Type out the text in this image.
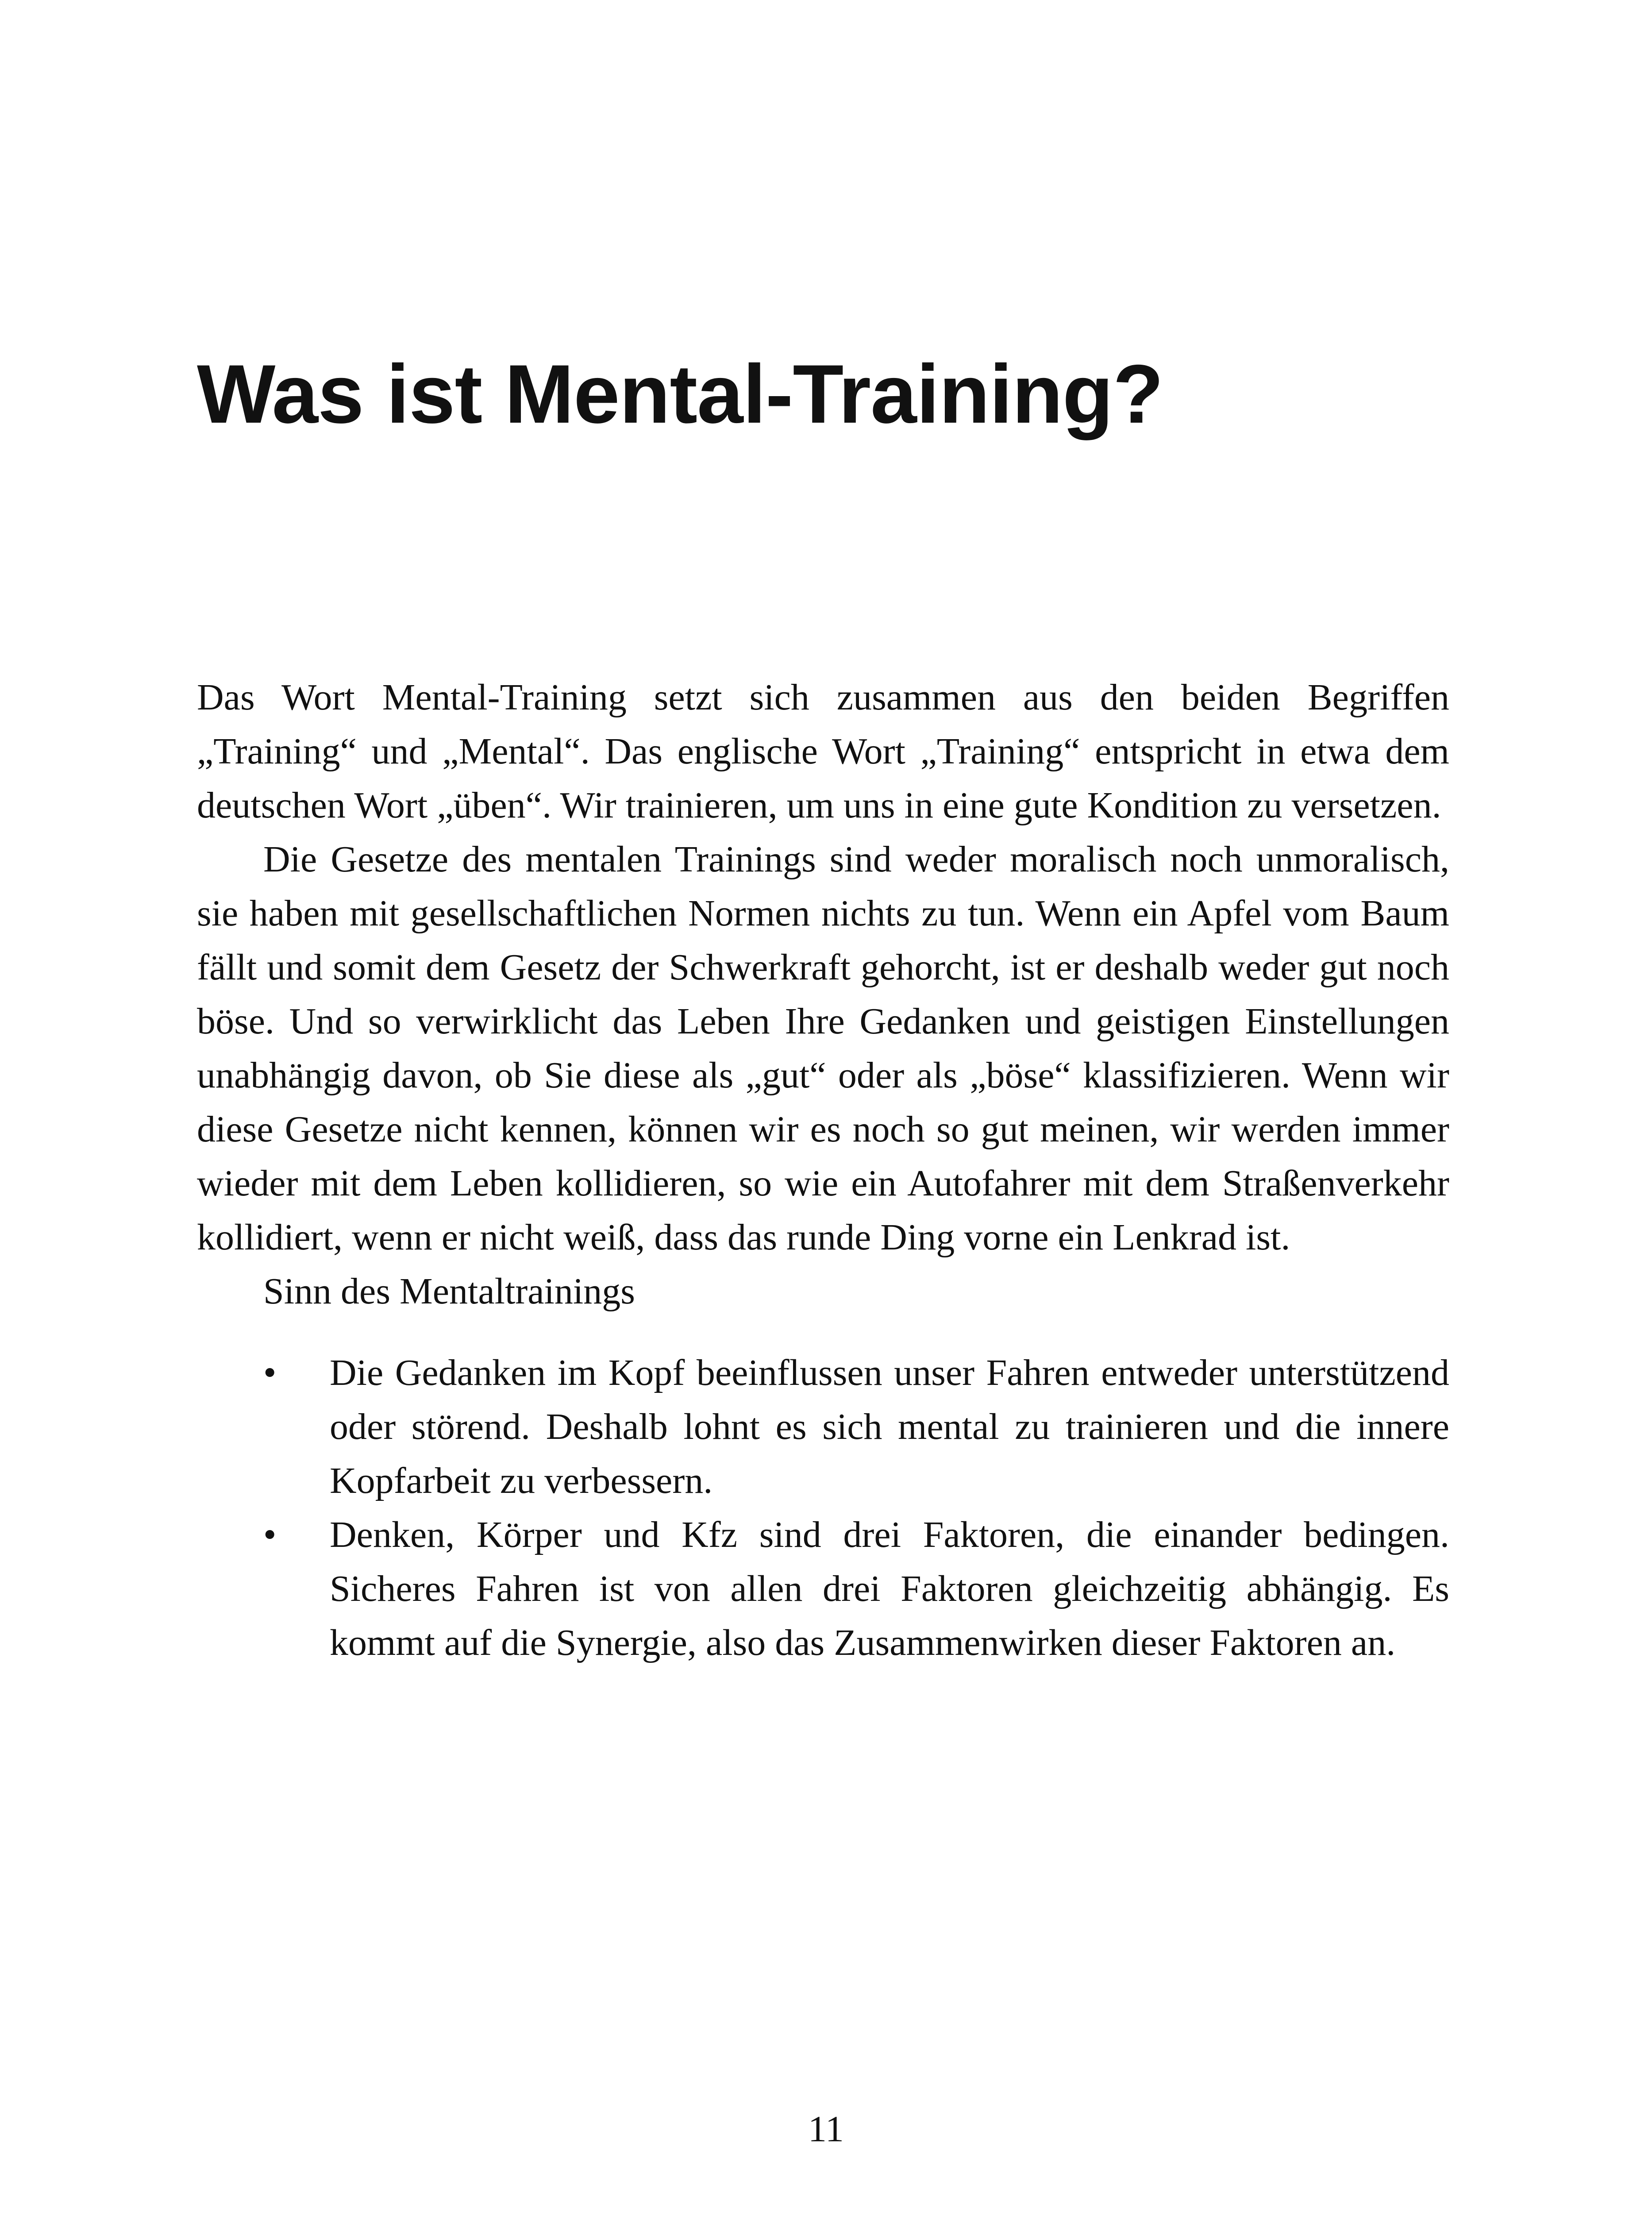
Was ist Mental-Training?

Das Wort Mental-Training setzt sich zusammen aus den beiden Begriffen „Training“ und „Mental“. Das englische Wort „Training“ entspricht in etwa dem deutschen Wort „üben“. Wir trainieren, um uns in eine gute Kondition zu versetzen.

Die Gesetze des mentalen Trainings sind weder moralisch noch unmoralisch, sie haben mit gesellschaftlichen Normen nichts zu tun. Wenn ein Apfel vom Baum fällt und somit dem Gesetz der Schwerkraft gehorcht, ist er deshalb weder gut noch böse. Und so verwirklicht das Leben Ihre Gedanken und geistigen Einstellungen unabhängig davon, ob Sie diese als „gut“ oder als „böse“ klassifizieren. Wenn wir diese Gesetze nicht kennen, können wir es noch so gut meinen, wir werden immer wieder mit dem Leben kollidieren, so wie ein Autofahrer mit dem Straßenverkehr kollidiert, wenn er nicht weiß, dass das runde Ding vorne ein Lenkrad ist.

Sinn des Mentaltrainings

•	Die Gedanken im Kopf beeinflussen unser Fahren entweder unterstützend oder störend. Deshalb lohnt es sich mental zu trainieren und die innere Kopfarbeit zu verbessern.
•	Denken, Körper und Kfz sind drei Faktoren, die einander bedingen. Sicheres Fahren ist von allen drei Faktoren gleichzeitig abhängig. Es kommt auf die Synergie, also das Zusammenwirken dieser Faktoren an.
11
